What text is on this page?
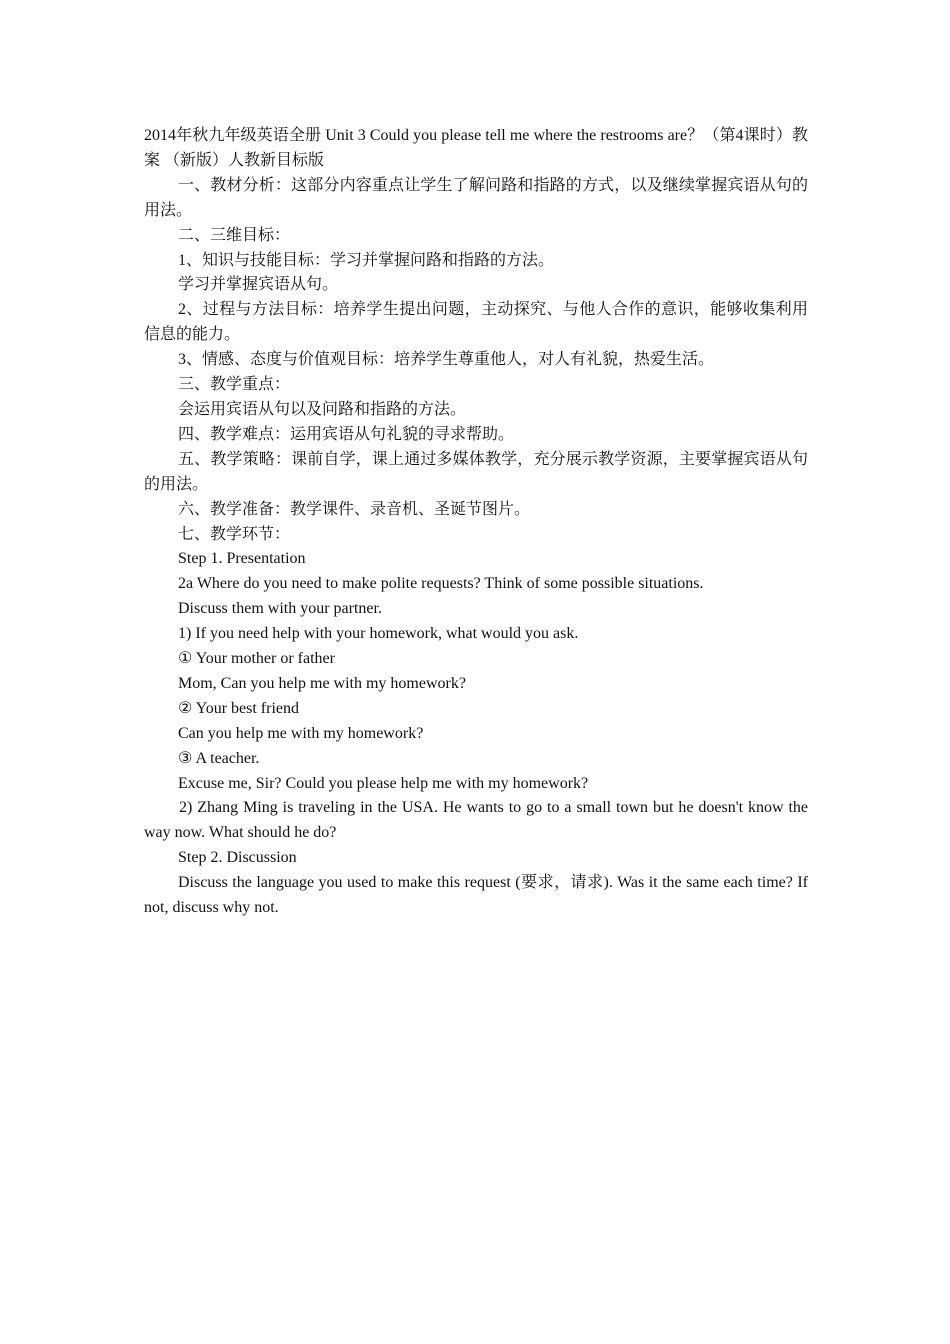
2014年秋九年级英语全册 Unit 3 Could you please tell me where the restrooms are？（第4课时）教案 （新版）人教新目标版

一、教材分析：这部分内容重点让学生了解问路和指路的方式，以及继续掌握宾语从句的用法。

二、三维目标：

1、知识与技能目标：学习并掌握问路和指路的方法。

学习并掌握宾语从句。

2、过程与方法目标：培养学生提出问题，主动探究、与他人合作的意识，能够收集利用信息的能力。

3、情感、态度与价值观目标：培养学生尊重他人，对人有礼貌，热爱生活。

三、教学重点：

会运用宾语从句以及问路和指路的方法。

四、教学难点：运用宾语从句礼貌的寻求帮助。

五、教学策略：课前自学，课上通过多媒体教学，充分展示教学资源，主要掌握宾语从句的用法。

六、教学准备：教学课件、录音机、圣诞节图片。

七、教学环节：

Step 1. Presentation

2a Where do you need to make polite requests? Think of some possible situations.

Discuss them with your partner.

1) If you need help with your homework, what would you ask.

① Your mother or father

Mom, Can you help me with my homework?

② Your best friend

Can you help me with my homework?

③ A teacher.

Excuse me, Sir? Could you please help me with my homework?

2) Zhang Ming is traveling in the USA. He wants to go to a small town but he doesn't know the way now. What should he do?

Step 2. Discussion

Discuss the language you used to make this request (要求，请求). Was it the same each time? If not, discuss why not.
